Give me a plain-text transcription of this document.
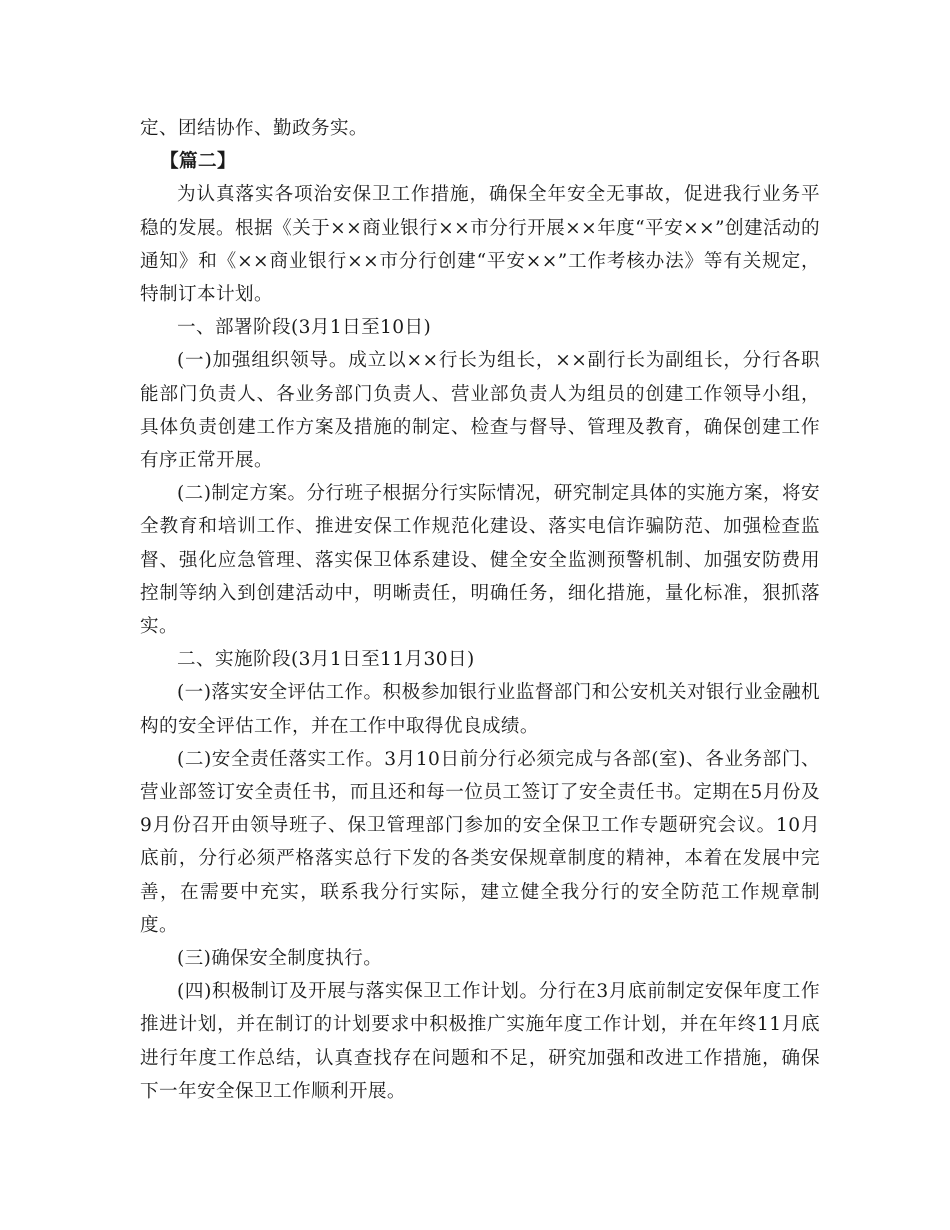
定、团结协作、勤政务实。

【篇二】

为认真落实各项治安保卫工作措施，确保全年安全无事故，促进我行业务平稳的发展。根据《关于××商业银行××市分行开展××年度“平安××”创建活动的通知》和《××商业银行××市分行创建“平安××”工作考核办法》等有关规定，特制订本计划。

一、部署阶段(3月1日至10日)

(一)加强组织领导。成立以××行长为组长，××副行长为副组长，分行各职能部门负责人、各业务部门负责人、营业部负责人为组员的创建工作领导小组，具体负责创建工作方案及措施的制定、检查与督导、管理及教育，确保创建工作有序正常开展。

(二)制定方案。分行班子根据分行实际情况，研究制定具体的实施方案，将安全教育和培训工作、推进安保工作规范化建设、落实电信诈骗防范、加强检查监督、强化应急管理、落实保卫体系建设、健全安全监测预警机制、加强安防费用控制等纳入到创建活动中，明晰责任，明确任务，细化措施，量化标准，狠抓落实。

二、实施阶段(3月1日至11月30日)

(一)落实安全评估工作。积极参加银行业监督部门和公安机关对银行业金融机构的安全评估工作，并在工作中取得优良成绩。

(二)安全责任落实工作。3月10日前分行必须完成与各部(室)、各业务部门、营业部签订安全责任书，而且还和每一位员工签订了安全责任书。定期在5月份及9月份召开由领导班子、保卫管理部门参加的安全保卫工作专题研究会议。10月底前，分行必须严格落实总行下发的各类安保规章制度的精神，本着在发展中完善，在需要中充实，联系我分行实际，建立健全我分行的安全防范工作规章制度。

(三)确保安全制度执行。

(四)积极制订及开展与落实保卫工作计划。分行在3月底前制定安保年度工作推进计划，并在制订的计划要求中积极推广实施年度工作计划，并在年终11月底进行年度工作总结，认真查找存在问题和不足，研究加强和改进工作措施，确保下一年安全保卫工作顺利开展。
